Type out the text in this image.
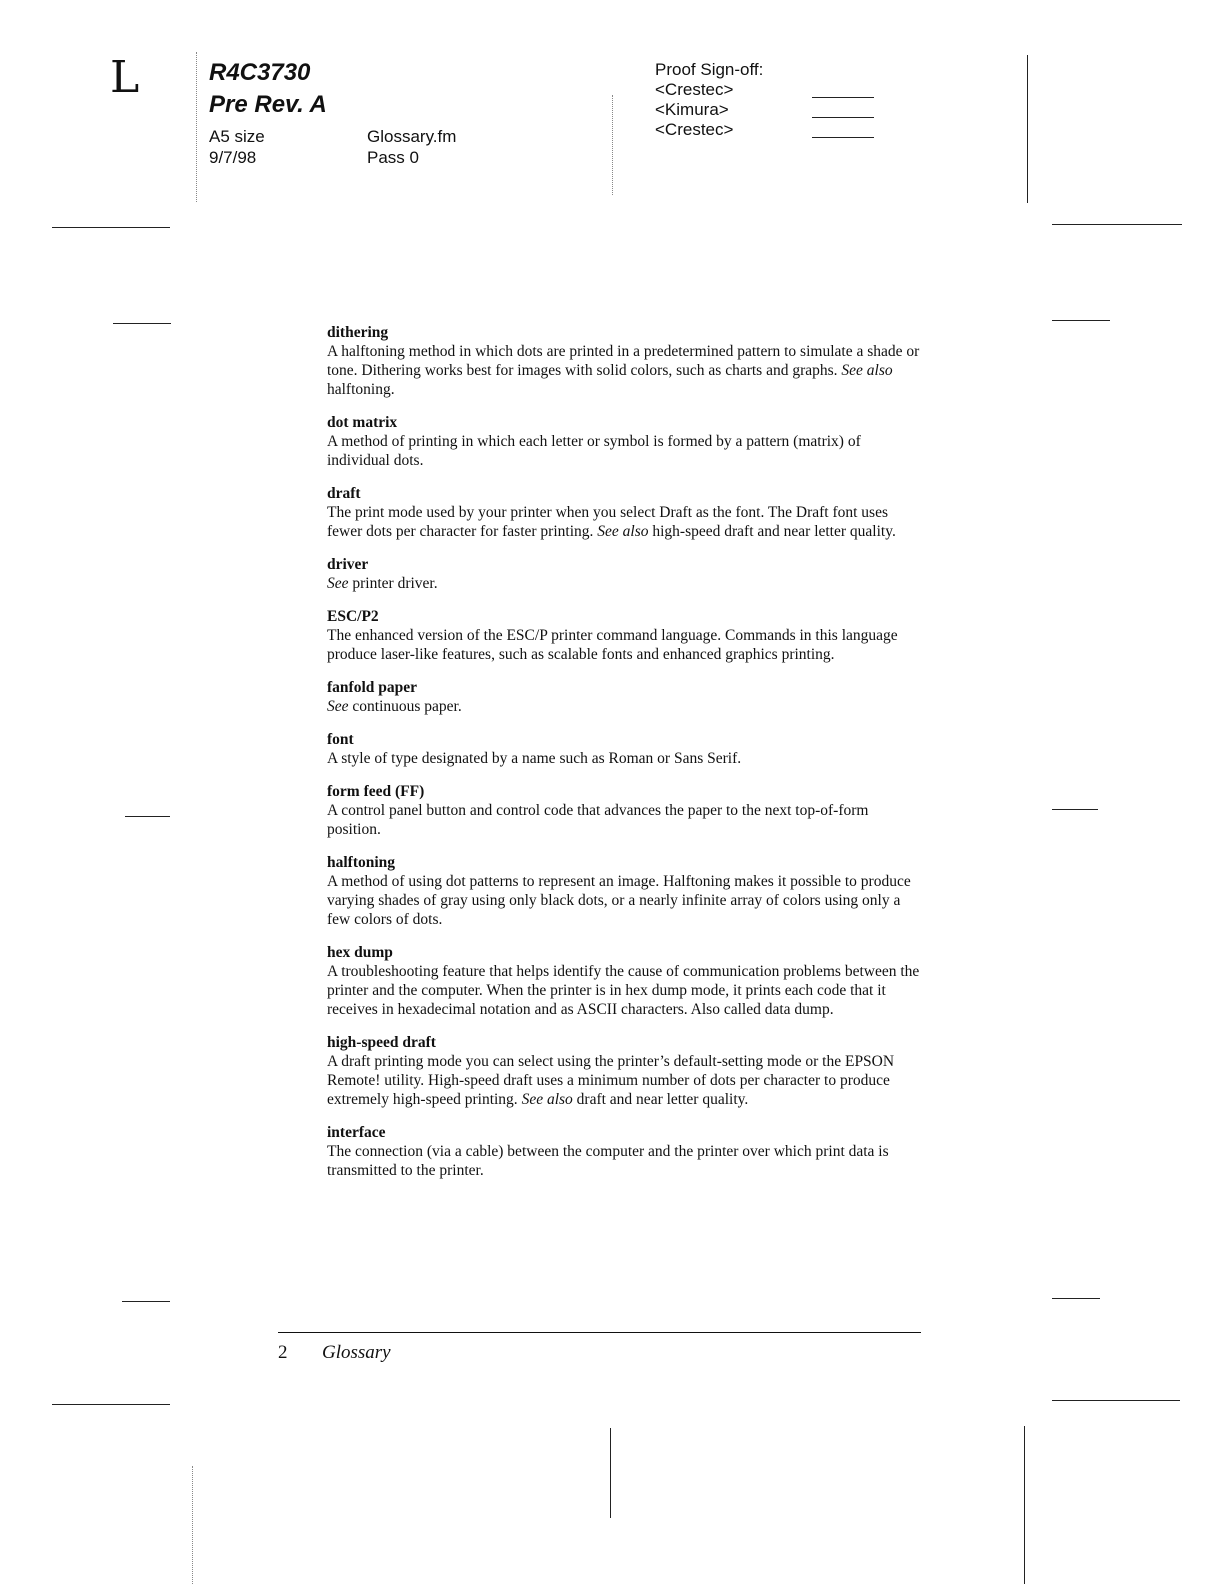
L	R4C3730
Pre Rev. A
A5 size
9/7/98
Glossary.fm
Pass 0
Proof Sign-off:
<Crestec>
<Kimura>
<Crestec>
dithering

A halftoning method in which dots are printed in a predetermined pattern to simulate a shade or tone. Dithering works best for images with solid colors, such as charts and graphs. See also halftoning.

dot matrix

A method of printing in which each letter or symbol is formed by a pattern (matrix) of individual dots.

draft

The print mode used by your printer when you select Draft as the font. The Draft font uses fewer dots per character for faster printing. See also high-speed draft and near letter quality.

driver

See printer driver.

ESC/P2

The enhanced version of the ESC/P printer command language. Commands in this language produce laser-like features, such as scalable fonts and enhanced graphics printing.

fanfold paper

See continuous paper.

font

A style of type designated by a name such as Roman or Sans Serif.

form feed (FF)

A control panel button and control code that advances the paper to the next top-of-form position.

halftoning

A method of using dot patterns to represent an image. Halftoning makes it possible to produce varying shades of gray using only black dots, or a nearly infinite array of colors using only a few colors of dots.

hex dump

A troubleshooting feature that helps identify the cause of communication problems between the printer and the computer. When the printer is in hex dump mode, it prints each code that it receives in hexadecimal notation and as ASCII characters. Also called data dump.

high-speed draft

A draft printing mode you can select using the printer’s default-setting mode or the EPSON Remote! utility. High-speed draft uses a minimum number of dots per character to produce extremely high-speed printing. See also draft and near letter quality.

interface

The connection (via a cable) between the computer and the printer over which print data is transmitted to the printer.

2 Glossary
